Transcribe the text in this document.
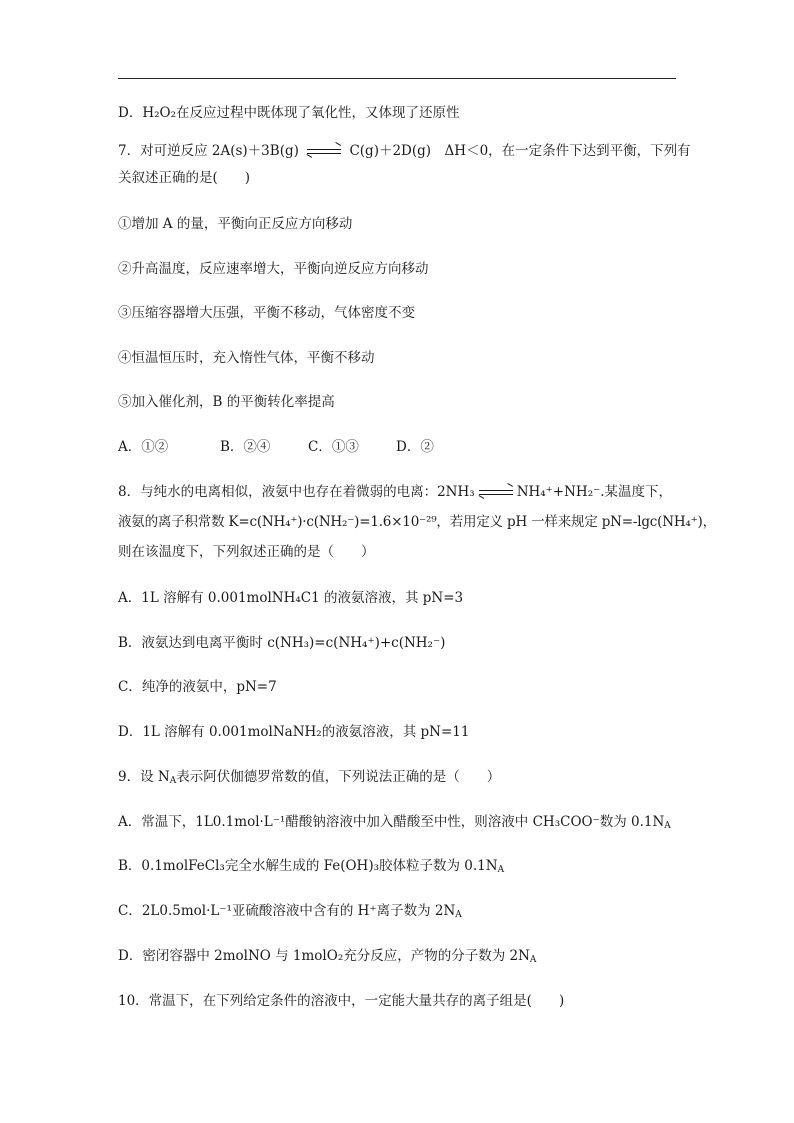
D．H₂O₂在反应过程中既体现了氧化性，又体现了还原性
7．对可逆反应 2A(s)＋3B(g)	C(g)＋2D(g)　ΔH＜0，在一定条件下达到平衡，下列有
关叙述正确的是(　　)
①增加 A 的量，平衡向正反应方向移动
②升高温度，反应速率增大，平衡向逆反应方向移动
③压缩容器增大压强，平衡不移动，气体密度不变
④恒温恒压时，充入惰性气体，平衡不移动
⑤加入催化剂，B 的平衡转化率提高
A．①②	B．②④	C．①③	D．②
8．与纯水的电离相似，液氨中也存在着微弱的电离：2NH₃	NH₄⁺+NH₂⁻.某温度下，
液氨的离子积常数 K=c(NH₄⁺)·c(NH₂⁻)=1.6×10⁻²⁹，若用定义 pH 一样来规定 pN=-lgc(NH₄⁺)，
则在该温度下，下列叙述正确的是（　　）
A．1L 溶解有 0.001molNH₄C1 的液氨溶液，其 pN=3
B．液氨达到电离平衡时 c(NH₃)=c(NH₄⁺)+c(NH₂⁻)
C．纯净的液氨中，pN=7
D．1L 溶解有 0.001molNaNH₂的液氨溶液，其 pN=11
9．设 $N_A$表示阿伏伽德罗常数的值，下列说法正确的是（　　）
A．常温下，1L0.1mol·L⁻¹醋酸钠溶液中加入醋酸至中性，则溶液中 CH₃COO⁻数为 $0.1N_A$
B．0.1molFeCl₃完全水解生成的 Fe(OH)₃胶体粒子数为 $0.1N_A$
C．2L0.5mol·L⁻¹亚硫酸溶液中含有的 H⁺离子数为 $2N_A$
D．密闭容器中 2molNO 与 1molO₂充分反应，产物的分子数为 $2N_A$
10．常温下，在下列给定条件的溶液中，一定能大量共存的离子组是(　　)
